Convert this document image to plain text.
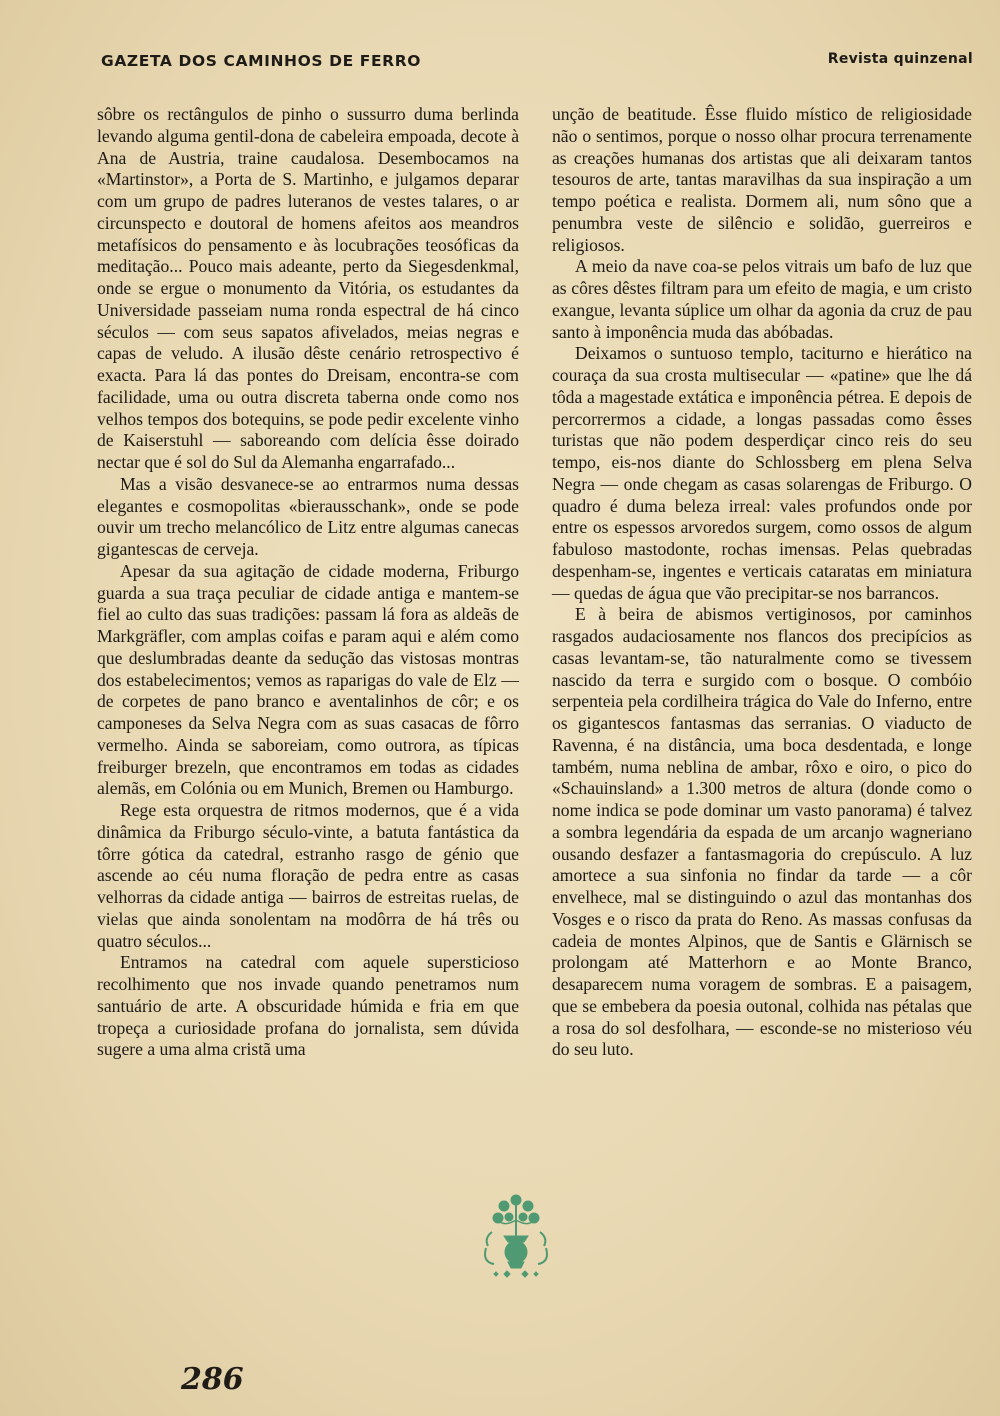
GAZETA DOS CAMINHOS DE FERRO	Revista quinzenal

sôbre os rectângulos de pinho o sussurro duma berlinda levando alguma gentil-dona de cabeleira empoada, decote à Ana de Austria, traine caudalosa. Desembocamos na «Martinstor», a Porta de S. Martinho, e julgamos deparar com um grupo de padres luteranos de vestes talares, o ar circunspecto e doutoral de homens afeitos aos meandros metafísicos do pensamento e às locubrações teosóficas da meditação... Pouco mais adeante, perto da Siegesdenkmal, onde se ergue o monumento da Vitória, os estudantes da Universidade passeiam numa ronda espectral de há cinco séculos — com seus sapatos afivelados, meias negras e capas de veludo. A ilusão dêste cenário retrospectivo é exacta. Para lá das pontes do Dreisam, encontra-se com facilidade, uma ou outra discreta taberna onde como nos velhos tempos dos botequins, se pode pedir excelente vinho de Kaiserstuhl — saboreando com delícia êsse doirado nectar que é sol do Sul da Alemanha engarrafado...

Mas a visão desvanece-se ao entrarmos numa dessas elegantes e cosmopolitas «bierausschank», onde se pode ouvir um trecho melancólico de Litz entre algumas canecas gigantescas de cerveja.

Apesar da sua agitação de cidade moderna, Friburgo guarda a sua traça peculiar de cidade antiga e mantem-se fiel ao culto das suas tradições: passam lá fora as aldeãs de Markgräfler, com amplas coifas e param aqui e além como que deslumbradas deante da sedução das vistosas montras dos estabelecimentos; vemos as raparigas do vale de Elz — de corpetes de pano branco e aventalinhos de côr; e os camponeses da Selva Negra com as suas casacas de fôrro vermelho. Ainda se saboreiam, como outrora, as típicas freiburger brezeln, que encontramos em todas as cidades alemãs, em Colónia ou em Munich, Bremen ou Hamburgo.

Rege esta orquestra de ritmos modernos, que é a vida dinâmica da Friburgo século-vinte, a batuta fantástica da tôrre gótica da catedral, estranho rasgo de génio que ascende ao céu numa floração de pedra entre as casas velhorras da cidade antiga — bairros de estreitas ruelas, de vielas que ainda sonolentam na modôrra de há três ou quatro séculos...

Entramos na catedral com aquele supersticioso recolhimento que nos invade quando penetramos num santuário de arte. A obscuridade húmida e fria em que tropeça a curiosidade profana do jornalista, sem dúvida sugere a uma alma cristã uma

unção de beatitude. Êsse fluido místico de religiosidade não o sentimos, porque o nosso olhar procura terrenamente as creações humanas dos artistas que ali deixaram tantos tesouros de arte, tantas maravilhas da sua inspiração a um tempo poética e realista. Dormem ali, num sôno que a penumbra veste de silêncio e solidão, guerreiros e religiosos.

A meio da nave coa-se pelos vitrais um bafo de luz que as côres dêstes filtram para um efeito de magia, e um cristo exangue, levanta súplice um olhar da agonia da cruz de pau santo à imponência muda das abóbadas.

Deixamos o suntuoso templo, taciturno e hierático na couraça da sua crosta multisecular — «patine» que lhe dá tôda a magestade extática e imponência pétrea. E depois de percorrermos a cidade, a longas passadas como êsses turistas que não podem desperdiçar cinco reis do seu tempo, eis-nos diante do Schlossberg em plena Selva Negra — onde chegam as casas solarengas de Friburgo. O quadro é duma beleza irreal: vales profundos onde por entre os espessos arvoredos surgem, como ossos de algum fabuloso mastodonte, rochas imensas. Pelas quebradas despenham-se, ingentes e verticais cataratas em miniatura — quedas de água que vão precipitar-se nos barrancos.

E à beira de abismos vertiginosos, por caminhos rasgados audaciosamente nos flancos dos precipícios as casas levantam-se, tão naturalmente como se tivessem nascido da terra e surgido com o bosque. O combóio serpenteia pela cordilheira trágica do Vale do Inferno, entre os gigantescos fantasmas das serranias. O viaducto de Ravenna, é na distância, uma boca desdentada, e longe também, numa neblina de ambar, rôxo e oiro, o pico do «Schauinsland» a 1.300 metros de altura (donde como o nome indica se pode dominar um vasto panorama) é talvez a sombra legendária da espada de um arcanjo wagneriano ousando desfazer a fantasmagoria do crepúsculo. A luz amortece a sua sinfonia no findar da tarde — a côr envelhece, mal se distinguindo o azul das montanhas dos Vosges e o risco da prata do Reno. As massas confusas da cadeia de montes Alpinos, que de Santis e Glärnisch se prolongam até Matterhorn e ao Monte Branco, desaparecem numa voragem de sombras. E a paisagem, que se embebera da poesia outonal, colhida nas pétalas que a rosa do sol desfolhara, — esconde-se no misterioso véu do seu luto.

286
